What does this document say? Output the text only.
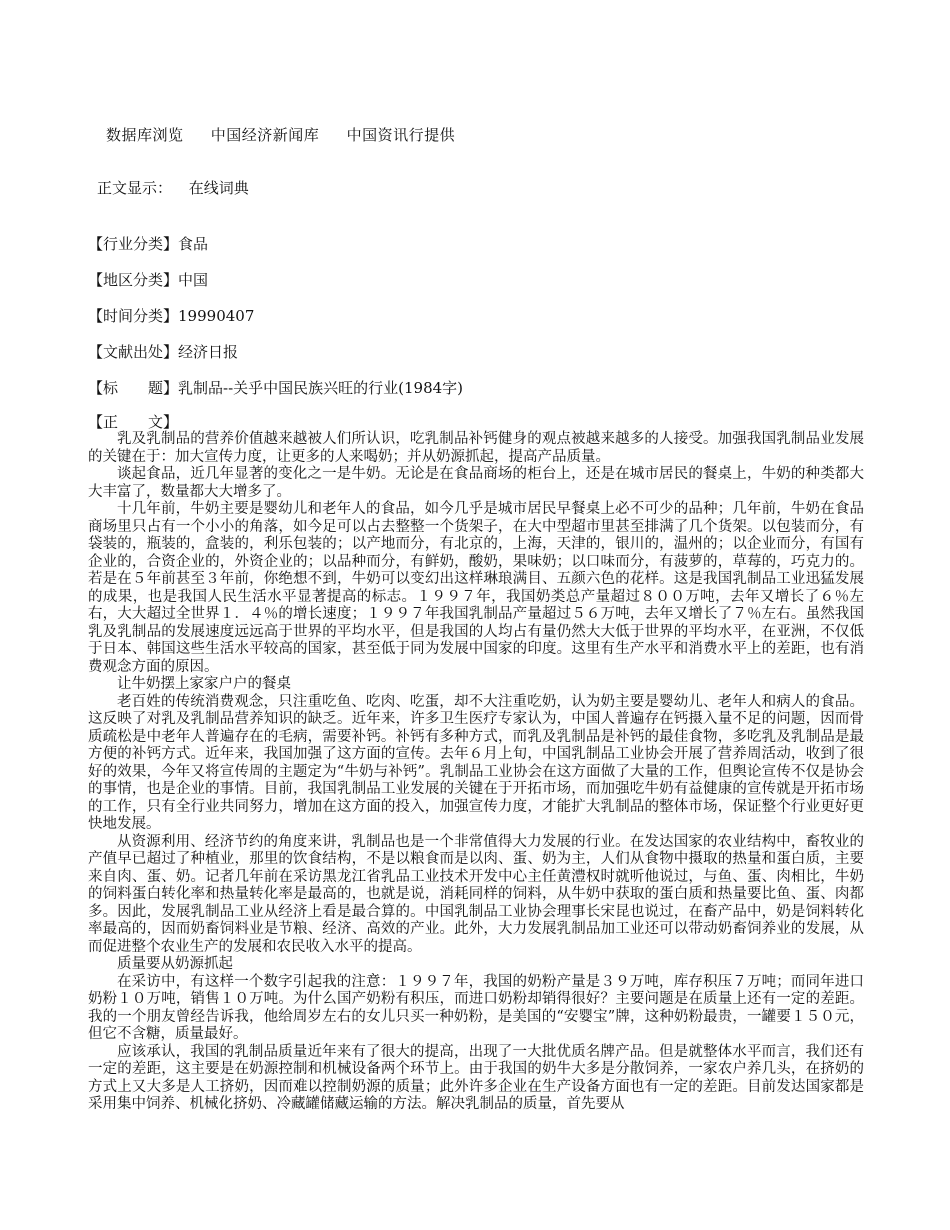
数据库浏览 中国经济新闻库 中国资讯行提供
正文显示： 在线词典
【行业分类】食品
【地区分类】中国
【时间分类】19990407
【文献出处】经济日报
【标　　题】乳制品--关乎中国民族兴旺的行业(1984字)
【正　　文】

乳及乳制品的营养价值越来越被人们所认识，吃乳制品补钙健身的观点被越来越多的人接受。加强我国乳制品业发展的关键在于：加大宣传力度，让更多的人来喝奶；并从奶源抓起，提高产品质量。

谈起食品，近几年显著的变化之一是牛奶。无论是在食品商场的柜台上，还是在城市居民的餐桌上，牛奶的种类都大大丰富了，数量都大大增多了。

十几年前，牛奶主要是婴幼儿和老年人的食品，如今几乎是城市居民早餐桌上必不可少的品种；几年前，牛奶在食品商场里只占有一个小小的角落，如今足可以占去整整一个货架子，在大中型超市里甚至排满了几个货架。以包装而分，有袋装的，瓶装的，盒装的，利乐包装的；以产地而分，有北京的，上海，天津的，银川的，温州的；以企业而分，有国有企业的，合资企业的，外资企业的；以品种而分，有鲜奶，酸奶，果味奶；以口味而分，有菠萝的，草莓的，巧克力的。若是在５年前甚至３年前，你绝想不到，牛奶可以变幻出这样琳琅满目、五颜六色的花样。这是我国乳制品工业迅猛发展的成果，也是我国人民生活水平显著提高的标志。１９９７年，我国奶类总产量超过８００万吨，去年又增长了６％左右，大大超过全世界１．４％的增长速度；１９９７年我国乳制品产量超过５６万吨，去年又增长了７％左右。虽然我国乳及乳制品的发展速度远远高于世界的平均水平，但是我国的人均占有量仍然大大低于世界的平均水平，在亚洲，不仅低于日本、韩国这些生活水平较高的国家，甚至低于同为发展中国家的印度。这里有生产水平和消费水平上的差距，也有消费观念方面的原因。

让牛奶摆上家家户户的餐桌

老百姓的传统消费观念，只注重吃鱼、吃肉、吃蛋，却不大注重吃奶，认为奶主要是婴幼儿、老年人和病人的食品。这反映了对乳及乳制品营养知识的缺乏。近年来，许多卫生医疗专家认为，中国人普遍存在钙摄入量不足的问题，因而骨质疏松是中老年人普遍存在的毛病，需要补钙。补钙有多种方式，而乳及乳制品是补钙的最佳食物，多吃乳及乳制品是最方便的补钙方式。近年来，我国加强了这方面的宣传。去年６月上旬，中国乳制品工业协会开展了营养周活动，收到了很好的效果，今年又将宣传周的主题定为“牛奶与补钙”。乳制品工业协会在这方面做了大量的工作，但舆论宣传不仅是协会的事情，也是企业的事情。目前，我国乳制品工业发展的关键在于开拓市场，而加强吃牛奶有益健康的宣传就是开拓市场的工作，只有全行业共同努力，增加在这方面的投入，加强宣传力度，才能扩大乳制品的整体市场，保证整个行业更好更快地发展。

从资源利用、经济节约的角度来讲，乳制品也是一个非常值得大力发展的行业。在发达国家的农业结构中，畜牧业的产值早已超过了种植业，那里的饮食结构，不是以粮食而是以肉、蛋、奶为主，人们从食物中摄取的热量和蛋白质，主要来自肉、蛋、奶。记者几年前在采访黑龙江省乳品工业技术开发中心主任黄澧权时就听他说过，与鱼、蛋、肉相比，牛奶的饲料蛋白转化率和热量转化率是最高的，也就是说，消耗同样的饲料，从牛奶中获取的蛋白质和热量要比鱼、蛋、肉都多。因此，发展乳制品工业从经济上看是最合算的。中国乳制品工业协会理事长宋昆也说过，在畜产品中，奶是饲料转化率最高的，因而奶畜饲料业是节粮、经济、高效的产业。此外，大力发展乳制品加工业还可以带动奶畜饲养业的发展，从而促进整个农业生产的发展和农民收入水平的提高。

质量要从奶源抓起

在采访中，有这样一个数字引起我的注意：１９９７年，我国的奶粉产量是３９万吨，库存积压７万吨；而同年进口奶粉１０万吨，销售１０万吨。为什么国产奶粉有积压，而进口奶粉却销得很好？主要问题是在质量上还有一定的差距。我的一个朋友曾经告诉我，他给周岁左右的女儿只买一种奶粉，是美国的“安婴宝”牌，这种奶粉最贵，一罐要１５０元，但它不含糖，质量最好。

应该承认，我国的乳制品质量近年来有了很大的提高，出现了一大批优质名牌产品。但是就整体水平而言，我们还有一定的差距，这主要是在奶源控制和机械设备两个环节上。由于我国的奶牛大多是分散饲养，一家农户养几头，在挤奶的方式上又大多是人工挤奶，因而难以控制奶源的质量；此外许多企业在生产设备方面也有一定的差距。目前发达国家都是采用集中饲养、机械化挤奶、冷藏罐储藏运输的方法。解决乳制品的质量，首先要从
